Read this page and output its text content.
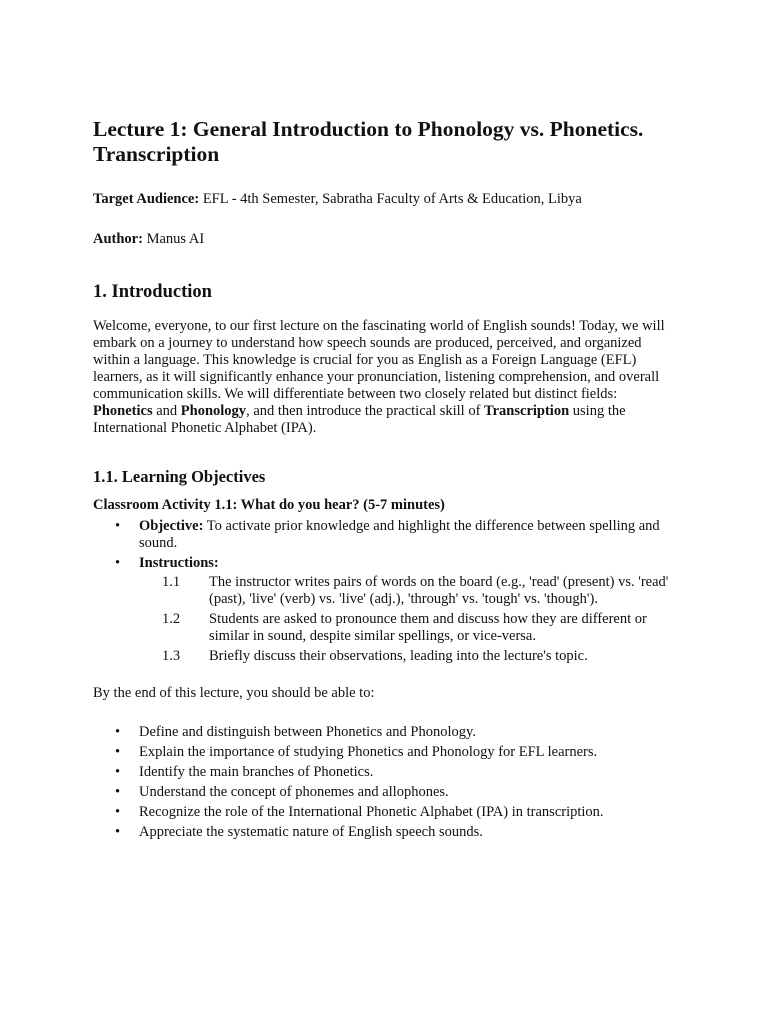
Lecture 1: General Introduction to Phonology vs. Phonetics. Transcription
Target Audience: EFL - 4th Semester, Sabratha Faculty of Arts & Education, Libya
Author: Manus AI
1. Introduction

Welcome, everyone, to our first lecture on the fascinating world of English sounds! Today, we will embark on a journey to understand how speech sounds are produced, perceived, and organized within a language. This knowledge is crucial for you as English as a Foreign Language (EFL) learners, as it will significantly enhance your pronunciation, listening comprehension, and overall communication skills. We will differentiate between two closely related but distinct fields: Phonetics and Phonology, and then introduce the practical skill of Transcription using the International Phonetic Alphabet (IPA).

1.1. Learning Objectives
Classroom Activity 1.1: What do you hear? (5-7 minutes)
• Objective: To activate prior knowledge and highlight the difference between spelling and sound.
• Instructions:
1.1 The instructor writes pairs of words on the board (e.g., 'read' (present) vs. 'read' (past), 'live' (verb) vs. 'live' (adj.), 'through' vs. 'tough' vs. 'though').
1.2 Students are asked to pronounce them and discuss how they are different or similar in sound, despite similar spellings, or vice-versa.
1.3 Briefly discuss their observations, leading into the lecture's topic.

By the end of this lecture, you should be able to:

• Define and distinguish between Phonetics and Phonology.
• Explain the importance of studying Phonetics and Phonology for EFL learners.
• Identify the main branches of Phonetics.
• Understand the concept of phonemes and allophones.
• Recognize the role of the International Phonetic Alphabet (IPA) in transcription.
• Appreciate the systematic nature of English speech sounds.
